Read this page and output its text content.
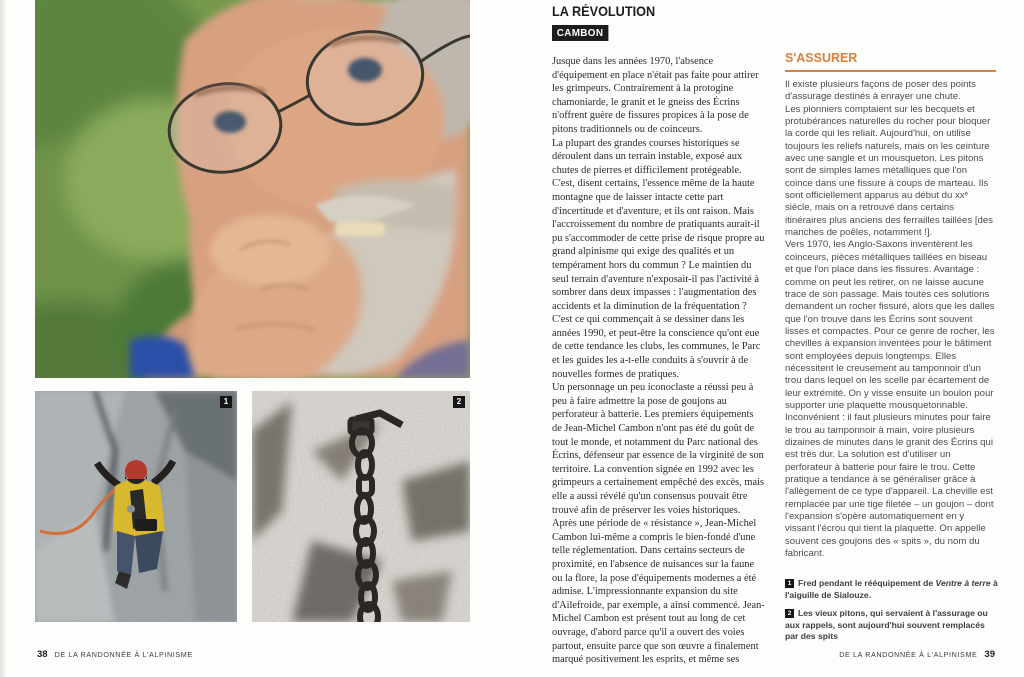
1	2
LA RÉVOLUTION
CAMBON

Jusque dans les années 1970, l'absence d'équipement en place n'était pas faite pour attirer les grimpeurs. Contrairement à la protogine chamoniarde, le granit et le gneiss des Écrins n'offrent guère de fissures propices à la pose de pitons traditionnels ou de coinceurs.

La plupart des grandes courses historiques se déroulent dans un terrain instable, exposé aux chutes de pierres et difficilement protégeable. C'est, disent certains, l'essence même de la haute montagne que de laisser intacte cette part d'incertitude et d'aventure, et ils ont raison. Mais l'accroissement du nombre de pratiquants aurait-il pu s'accommoder de cette prise de risque propre au grand alpinisme qui exige des qualités et un tempérament hors du commun ? Le maintien du seul terrain d'aventure n'exposait-il pas l'activité à sombrer dans deux impasses : l'augmentation des accidents et la diminution de la fréquentation ? C'est ce qui commençait à se dessiner dans les années 1990, et peut-être la conscience qu'ont eue de cette tendance les clubs, les communes, le Parc et les guides les a-t-elle conduits à s'ouvrir à de nouvelles formes de pratiques.

Un personnage un peu iconoclaste a réussi peu à peu à faire admettre la pose de goujons au perforateur à batterie. Les premiers équipements de Jean-Michel Cambon n'ont pas été du goût de tout le monde, et notamment du Parc national des Écrins, défenseur par essence de la virginité de son territoire. La convention signée en 1992 avec les grimpeurs a certainement empêché des excès, mais elle a aussi révélé qu'un consensus pouvait être trouvé afin de préserver les voies historiques. Après une période de « résistance », Jean-Michel Cambon lui-même a compris le bien-fondé d'une telle réglementation. Dans certains secteurs de proximité, en l'absence de nuisances sur la faune ou la flore, la pose d'équipements modernes a été admise. L'impressionnante expansion du site d'Ailefroide, par exemple, a ainsi commencé. Jean-Michel Cambon est présent tout au long de cet ouvrage, d'abord parce qu'il a ouvert des voies partout, ensuite parce que son œuvre a finalement marqué positivement les esprits, et même ses

S'ASSURER

Il existe plusieurs façons de poser des points d'assurage destinés à enrayer une chute.

Les pionniers comptaient sur les becquets et protubérances naturelles du rocher pour bloquer la corde qui les reliait. Aujourd'hui, on utilise toujours les reliefs naturels, mais on les ceinture avec une sangle et un mousqueton. Les pitons sont de simples lames métalliques que l'on coince dans une fissure à coups de marteau. Ils sont officiellement apparus au début du xxᵉ siècle, mais on a retrouvé dans certains itinéraires plus anciens des ferrailles taillées [des manches de poêles, notamment !].

Vers 1970, les Anglo-Saxons inventèrent les coinceurs, pièces métalliques taillées en biseau et que l'on place dans les fissures. Avantage : comme on peut les retirer, on ne laisse aucune trace de son passage. Mais toutes ces solutions demandent un rocher fissuré, alors que les dalles que l'on trouve dans les Écrins sont souvent lisses et compactes. Pour ce genre de rocher, les chevilles à expansion inventées pour le bâtiment sont employées depuis longtemps. Elles nécessitent le creusement au tamponnoir d'un trou dans lequel on les scelle par écartement de leur extrémité. On y visse ensuite un boulon pour supporter une plaquette mousquetonnable. Inconvénient : il faut plusieurs minutes pour faire le trou au tamponnoir à main, voire plusieurs dizaines de minutes dans le granit des Écrins qui est très dur. La solution est d'utiliser un perforateur à batterie pour faire le trou. Cette pratique a tendance à se généraliser grâce à l'allègement de ce type d'appareil. La cheville est remplacée par une tige filetée – un goujon – dont l'expansion s'opère automatiquement en y vissant l'écrou qui tient la plaquette. On appelle souvent ces goujons des « spits », du nom du fabricant.

1 Fred pendant le rééquipement de Ventre à terre à l'aiguille de Sialouze.
2 Les vieux pitons, qui servaient à l'assurage ou aux rappels, sont aujourd'hui souvent remplacés par des spits
38 DE LA RANDONNÉE À L'ALPINISME	DE LA RANDONNÉE À L'ALPINISME 39
